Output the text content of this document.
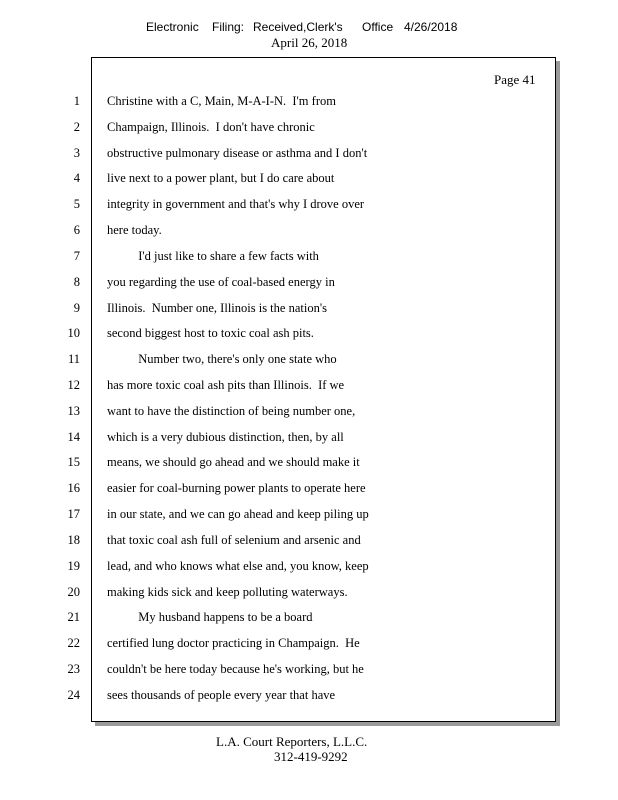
Electronic

Filing:

Received,Clerk's

Office

4/26/2018

April 26, 2018
Page 41
1 Christine with a C, Main, M-A-I-N.  I'm from
2 Champaign, Illinois.  I don't have chronic
3 obstructive pulmonary disease or asthma and I don't
4 live next to a power plant, but I do care about
5 integrity in government and that's why I drove over
6 here today.
7 I'd just like to share a few facts with
8 you regarding the use of coal-based energy in
9 Illinois.  Number one, Illinois is the nation's
10 second biggest host to toxic coal ash pits.
11 Number two, there's only one state who
12 has more toxic coal ash pits than Illinois.  If we
13 want to have the distinction of being number one,
14 which is a very dubious distinction, then, by all
15 means, we should go ahead and we should make it
16 easier for coal-burning power plants to operate here
17 in our state, and we can go ahead and keep piling up
18 that toxic coal ash full of selenium and arsenic and
19 lead, and who knows what else and, you know, keep
20 making kids sick and keep polluting waterways.
21 My husband happens to be a board
22 certified lung doctor practicing in Champaign.  He
23 couldn't be here today because he's working, but he
24 sees thousands of people every year that have
L.A. Court Reporters, L.L.C.
312-419-9292
